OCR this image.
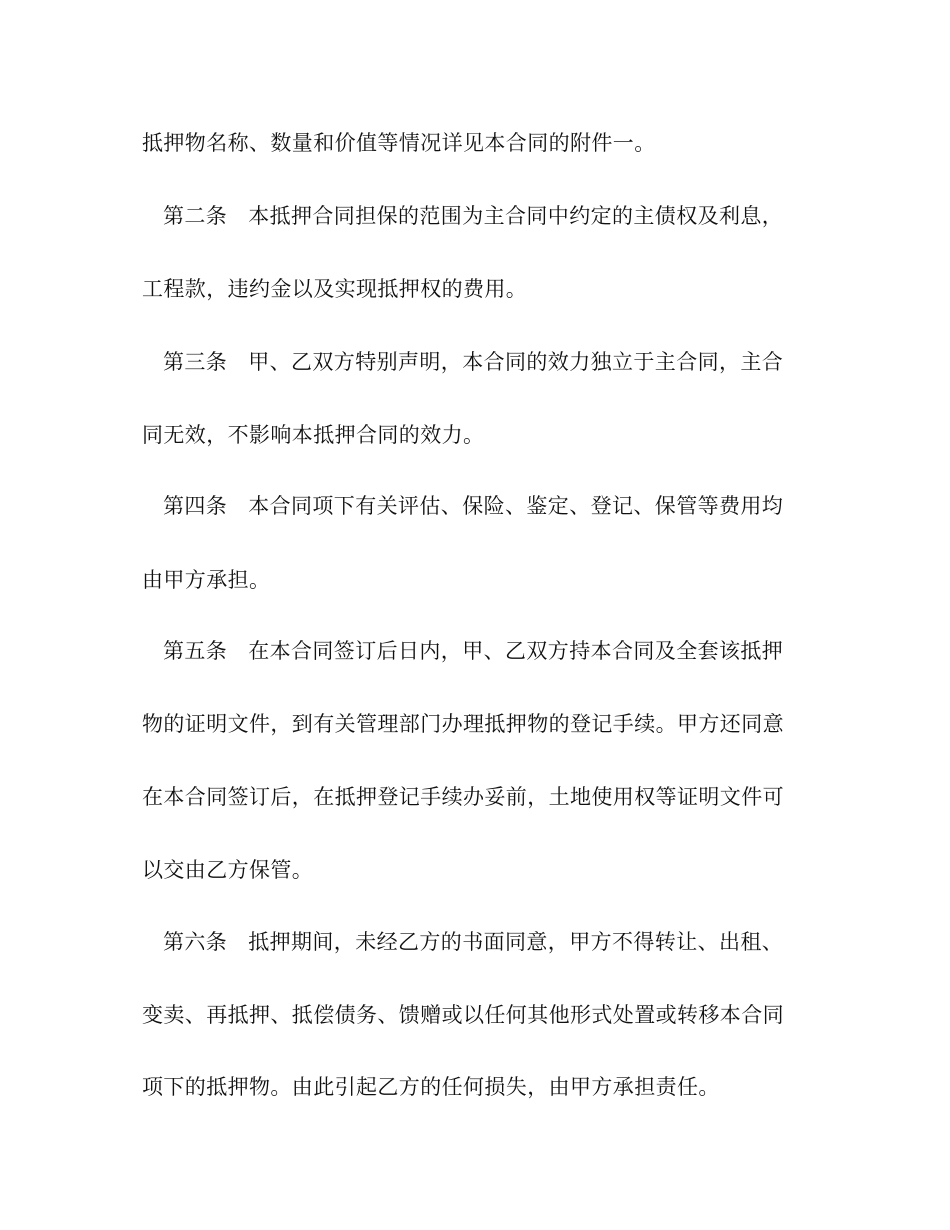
抵押物名称、数量和价值等情况详见本合同的附件一。
第二条 本抵押合同担保的范围为主合同中约定的主债权及利息，
工程款，违约金以及实现抵押权的费用。
第三条 甲、乙双方特别声明，本合同的效力独立于主合同，主合
同无效，不影响本抵押合同的效力。
第四条 本合同项下有关评估、保险、鉴定、登记、保管等费用均
由甲方承担。
第五条 在本合同签订后日内，甲、乙双方持本合同及全套该抵押
物的证明文件，到有关管理部门办理抵押物的登记手续。甲方还同意
在本合同签订后，在抵押登记手续办妥前，土地使用权等证明文件可
以交由乙方保管。
第六条 抵押期间，未经乙方的书面同意，甲方不得转让、出租、
变卖、再抵押、抵偿债务、馈赠或以任何其他形式处置或转移本合同
项下的抵押物。由此引起乙方的任何损失，由甲方承担责任。
